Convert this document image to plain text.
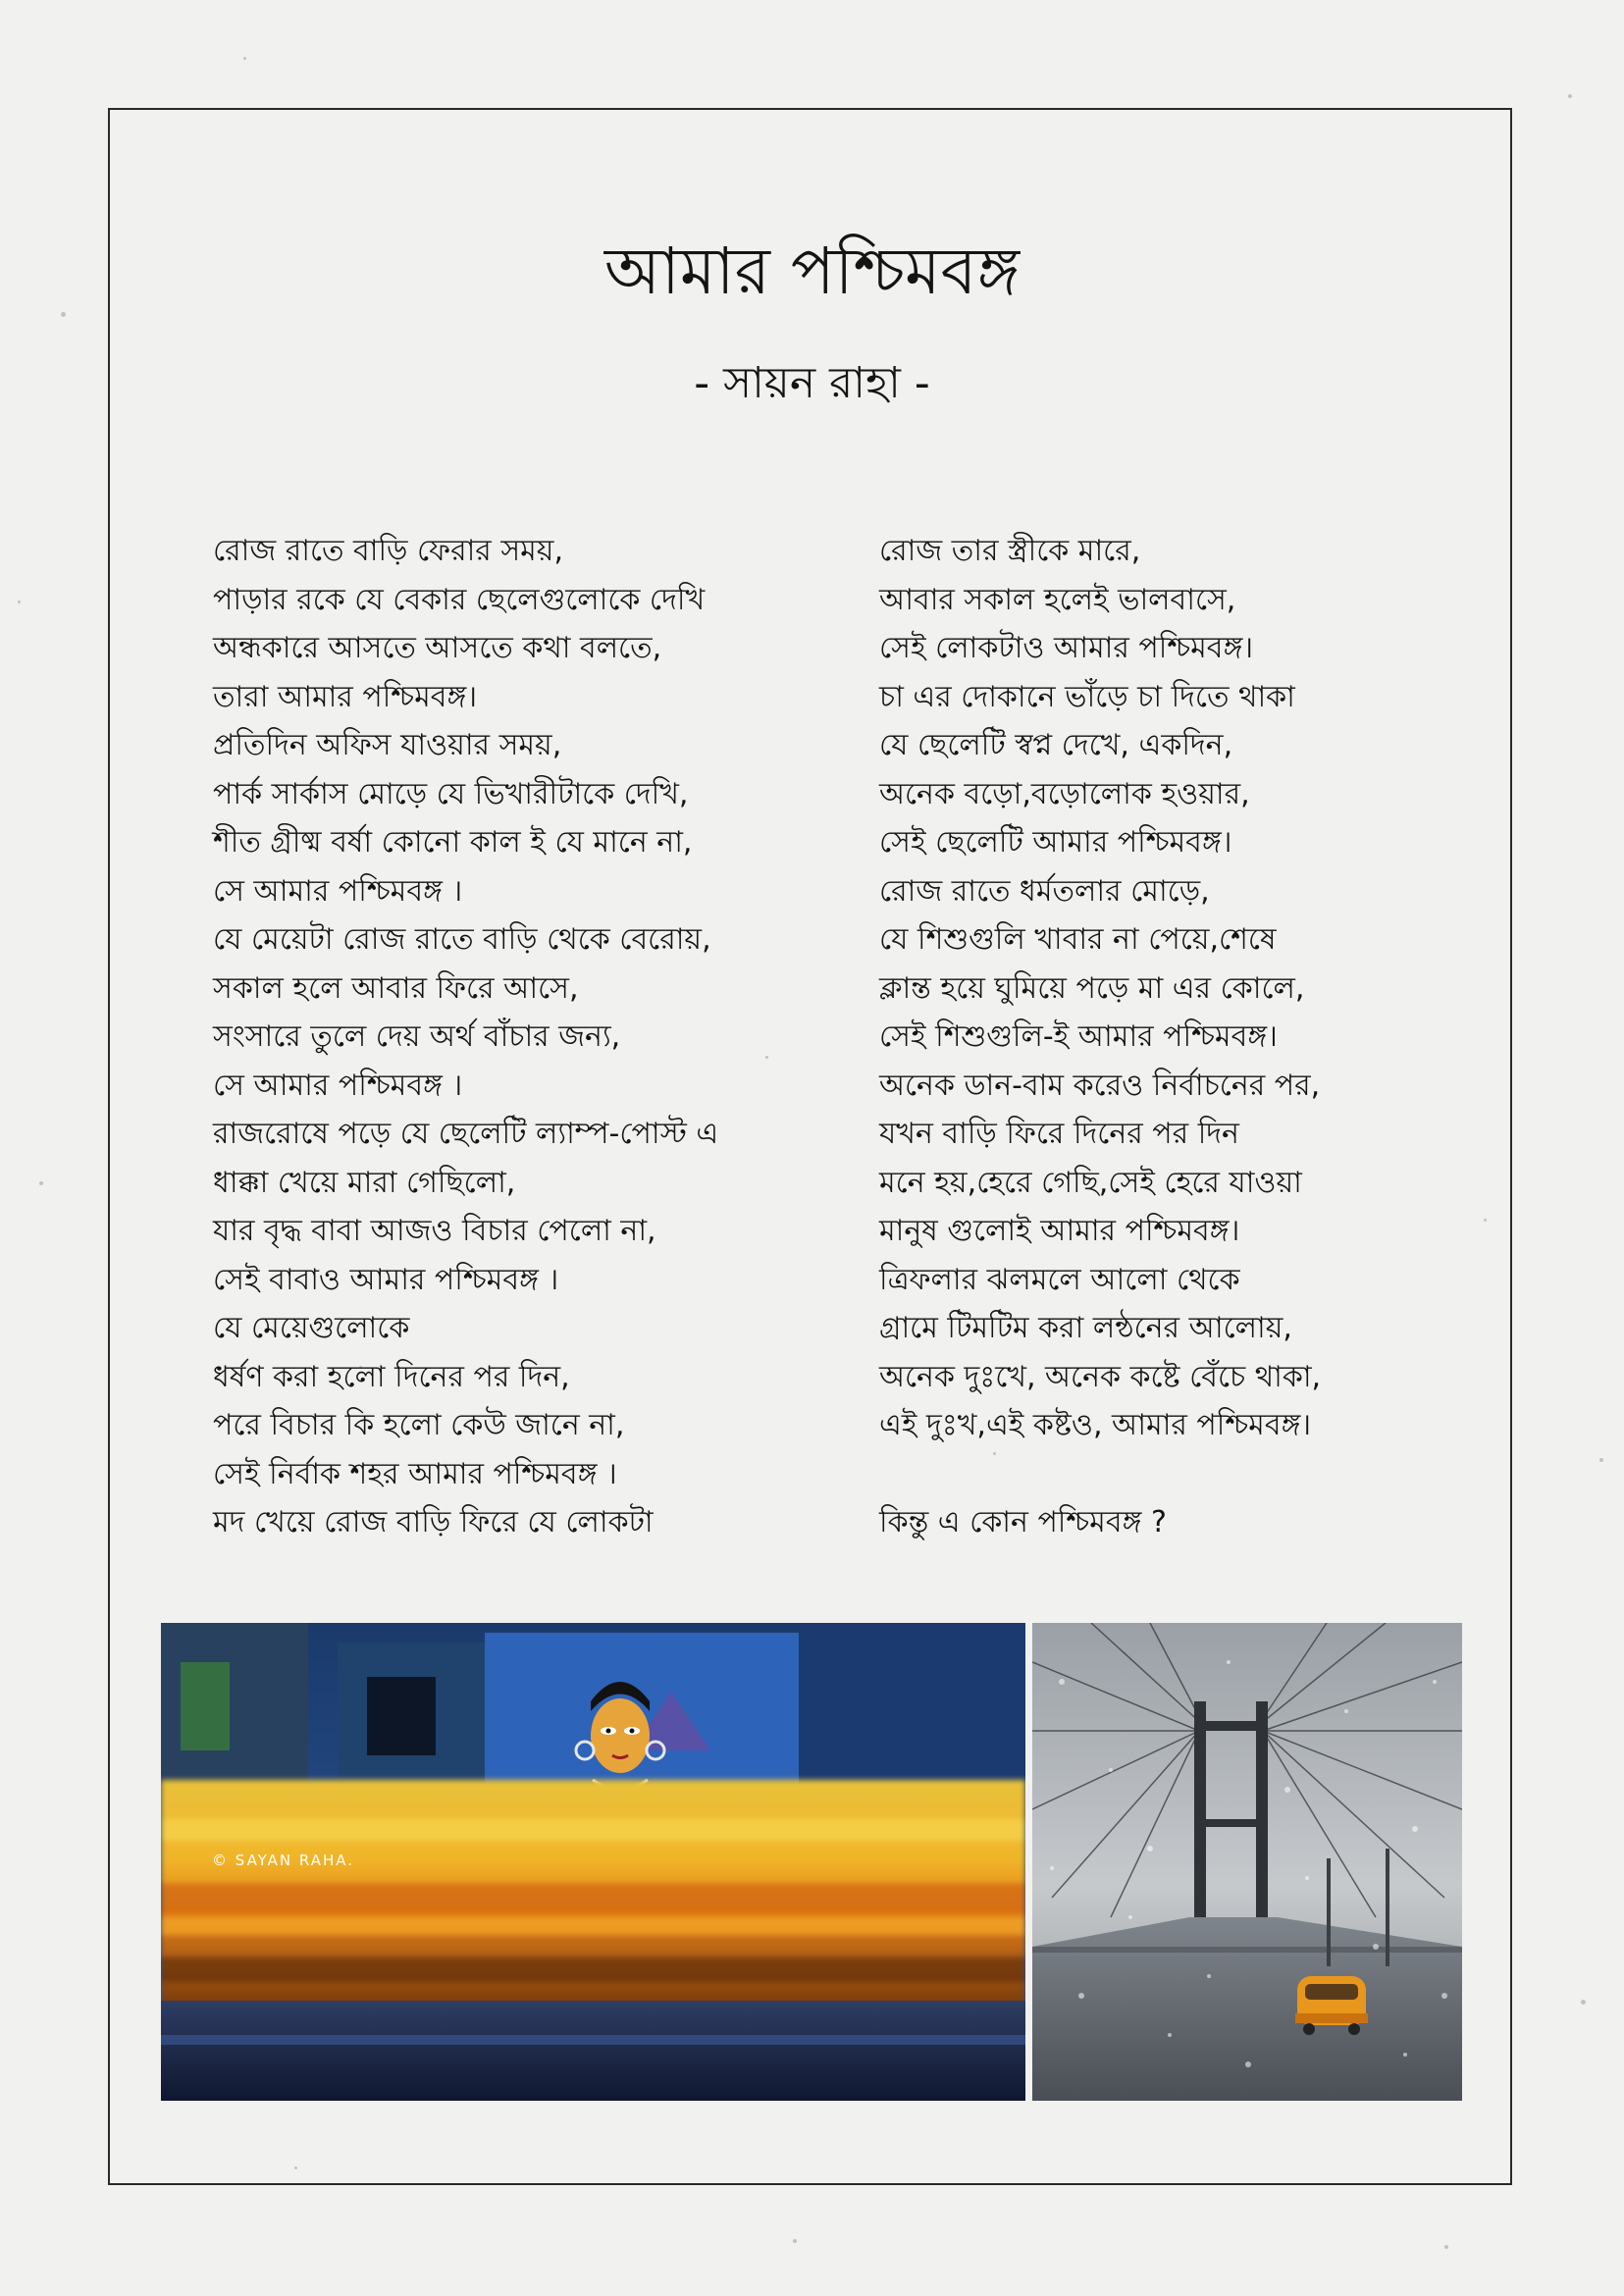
আমার পশ্চিমবঙ্গ
- সায়ন রাহা -
রোজ রাতে বাড়ি ফেরার সময়,
পাড়ার রকে যে বেকার ছেলেগুলোকে দেখি
অন্ধকারে আসতে আসতে কথা বলতে,
তারা আমার পশ্চিমবঙ্গ।
প্রতিদিন অফিস যাওয়ার সময়,
পার্ক সার্কাস মোড়ে যে ভিখারীটাকে দেখি,
শীত গ্রীষ্ম বর্ষা কোনো কাল ই যে মানে না,
সে আমার পশ্চিমবঙ্গ ।
যে মেয়েটা রোজ রাতে বাড়ি থেকে বেরোয়,
সকাল হলে আবার ফিরে আসে,
সংসারে তুলে দেয় অর্থ বাঁচার জন্য,
সে আমার পশ্চিমবঙ্গ ।
রাজরোষে পড়ে যে ছেলেটি ল্যাম্প-পোস্ট এ
ধাক্কা খেয়ে মারা গেছিলো,
যার বৃদ্ধ বাবা আজও বিচার পেলো না,
সেই বাবাও আমার পশ্চিমবঙ্গ ।
যে মেয়েগুলোকে
ধর্ষণ করা হলো দিনের পর দিন,
পরে বিচার কি হলো কেউ জানে না,
সেই নির্বাক শহর আমার পশ্চিমবঙ্গ ।
মদ খেয়ে রোজ বাড়ি ফিরে যে লোকটা
রোজ তার স্ত্রীকে মারে,
আবার সকাল হলেই ভালবাসে,
সেই লোকটাও আমার পশ্চিমবঙ্গ।
চা এর দোকানে ভাঁড়ে চা দিতে থাকা
যে ছেলেটি স্বপ্ন দেখে, একদিন,
অনেক বড়ো,বড়োলোক হওয়ার,
সেই ছেলেটি আমার পশ্চিমবঙ্গ।
রোজ রাতে ধর্মতলার মোড়ে,
যে শিশুগুলি খাবার না পেয়ে,শেষে
ক্লান্ত হয়ে ঘুমিয়ে পড়ে মা এর কোলে,
সেই শিশুগুলি-ই আমার পশ্চিমবঙ্গ।
অনেক ডান-বাম করেও নির্বাচনের পর,
যখন বাড়ি ফিরে দিনের পর দিন
মনে হয়,হেরে গেছি,সেই হেরে যাওয়া
মানুষ গুলোই আমার পশ্চিমবঙ্গ।
ত্রিফলার ঝলমলে আলো থেকে
গ্রামে টিমটিম করা লন্ঠনের আলোয়,
অনেক দুঃখে, অনেক কষ্টে বেঁচে থাকা,
এই দুঃখ,এই কষ্টও, আমার পশ্চিমবঙ্গ।
কিন্তু এ কোন পশ্চিমবঙ্গ ?
© SAYAN RAHA.
